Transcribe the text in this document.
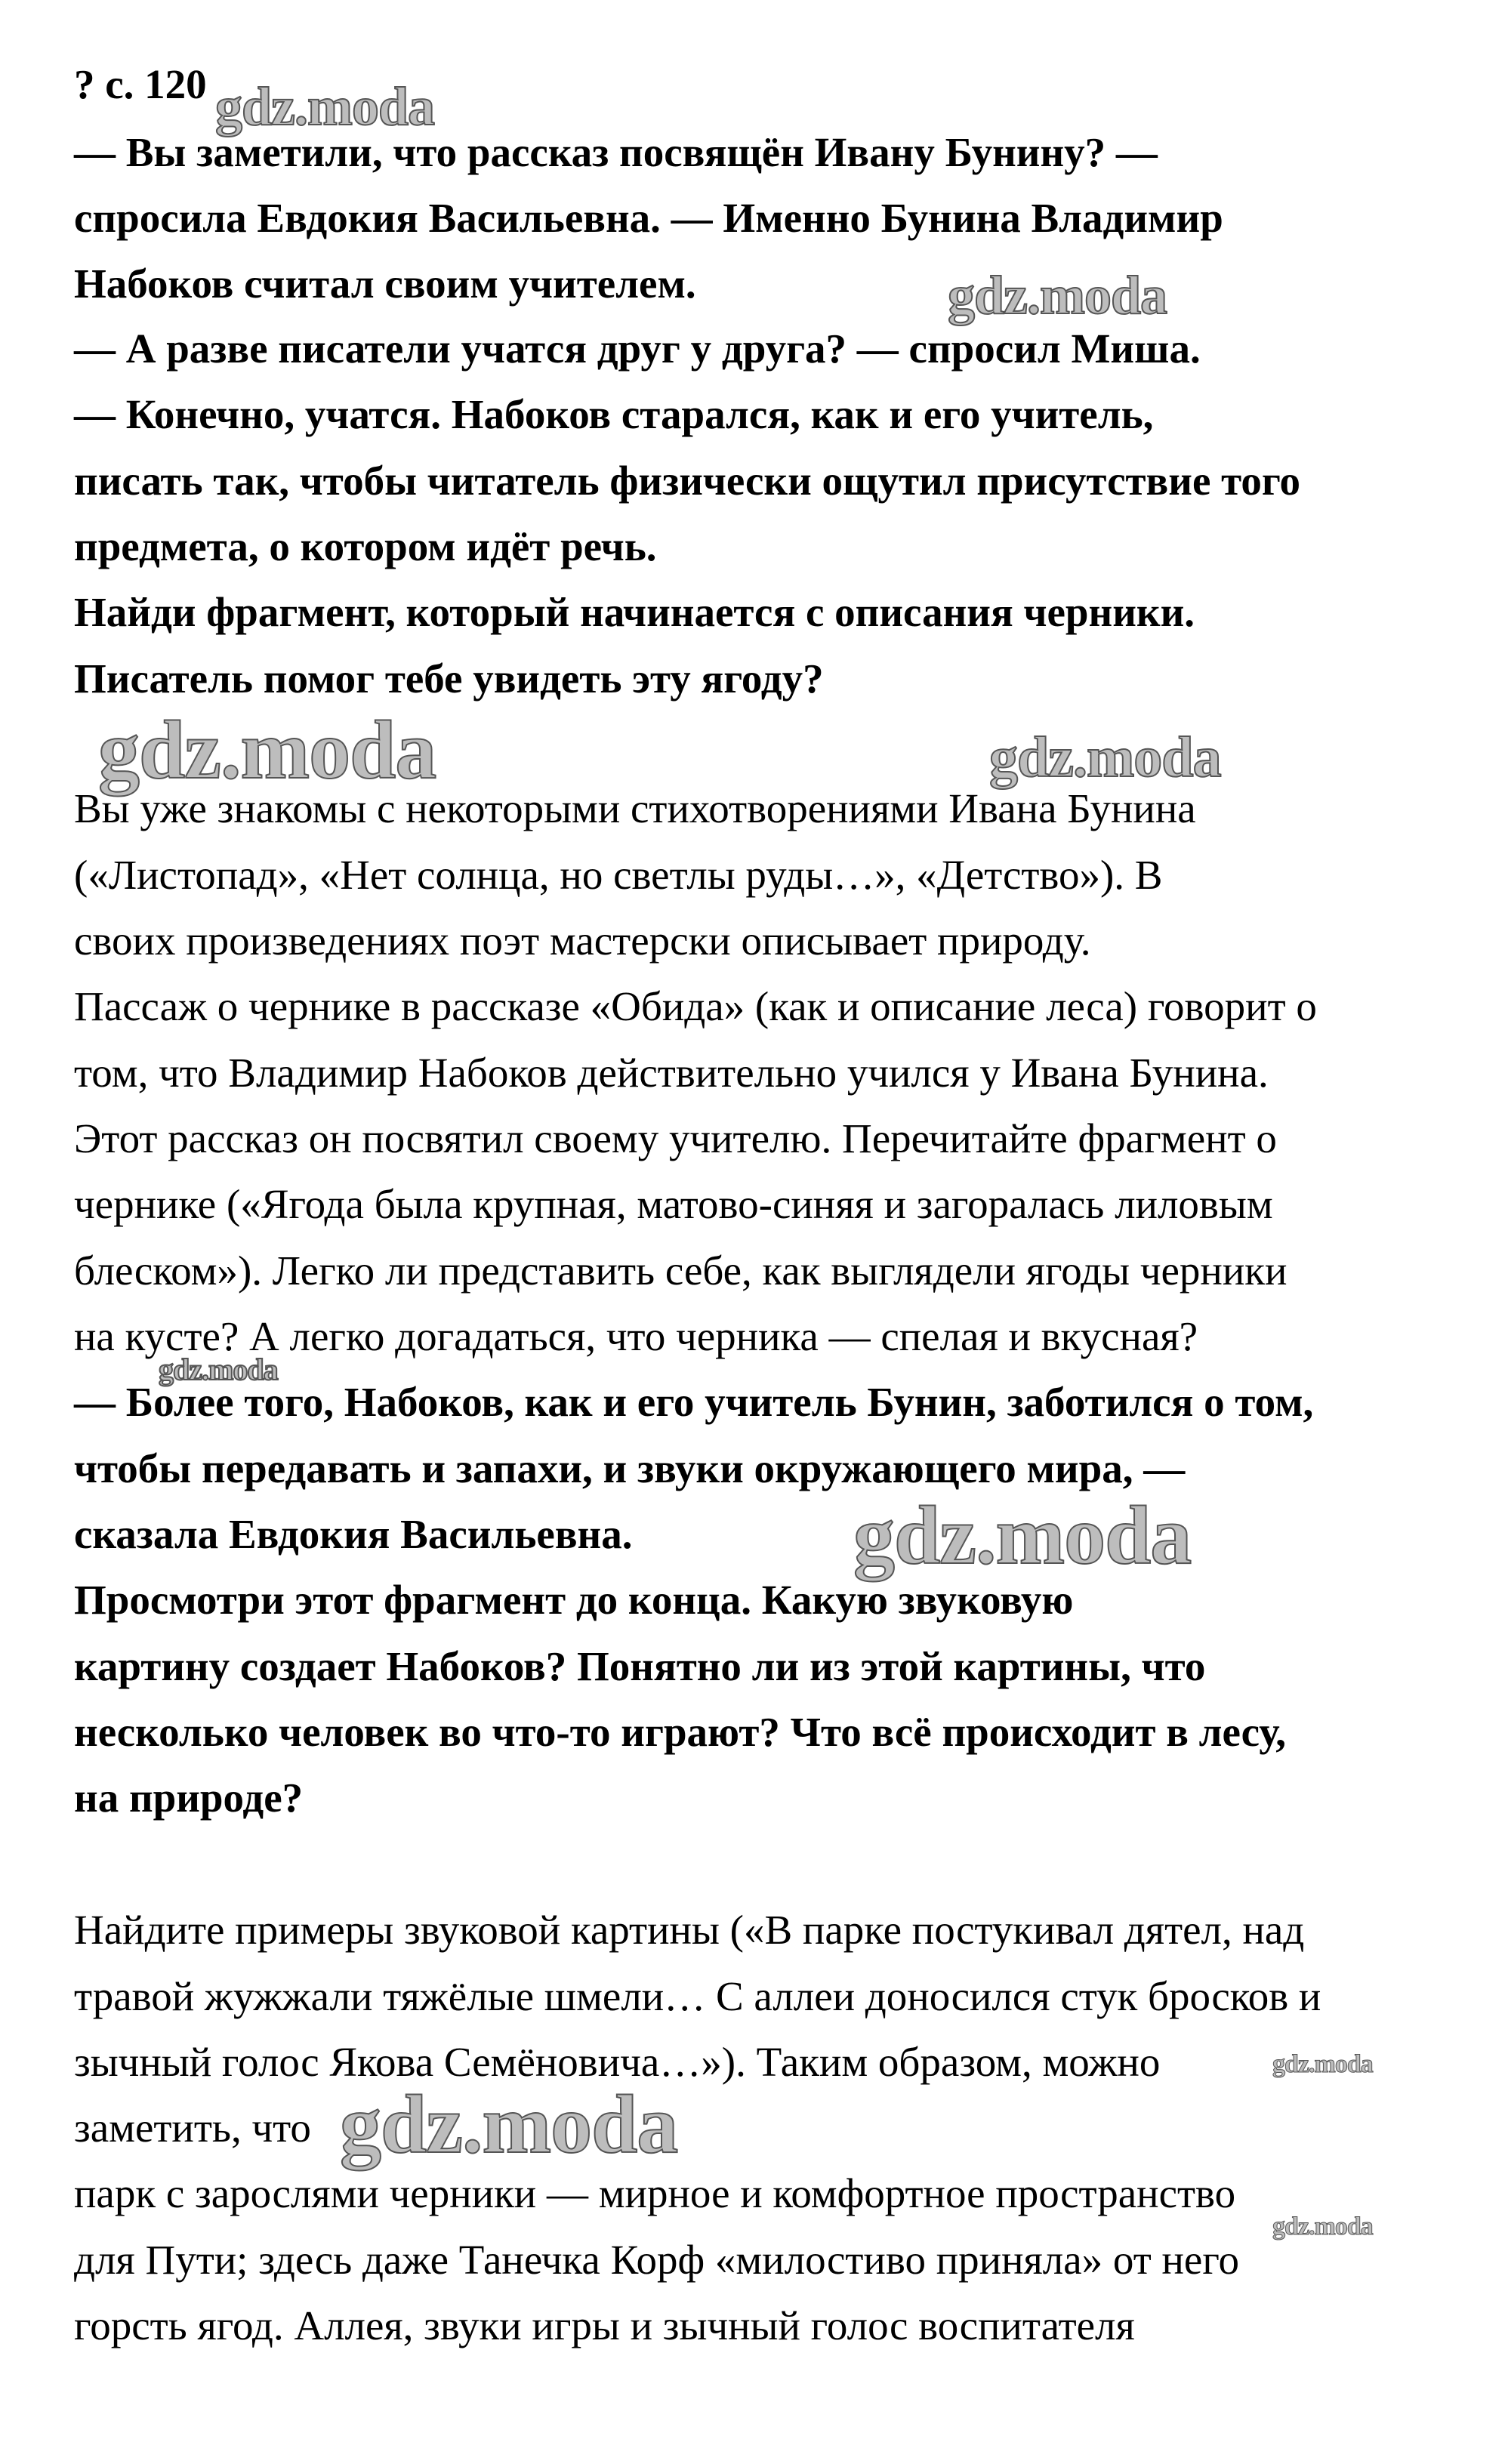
? с. 120
— Вы заметили, что рассказ посвящён Ивану Бунину? —
спросила Евдокия Васильевна. — Именно Бунина Владимир
Набоков считал своим учителем.
— А разве писатели учатся друг у друга? — спросил Миша.
— Конечно, учатся. Набоков старался, как и его учитель,
писать так, чтобы читатель физически ощутил присутствие того
предмета, о котором идёт речь.
Найди фрагмент, который начинается с описания черники.
Писатель помог тебе увидеть эту ягоду?
Вы уже знакомы с некоторыми стихотворениями Ивана Бунина
(«Листопад», «Нет солнца, но светлы руды…», «Детство»). В
своих произведениях поэт мастерски описывает природу.
Пассаж о чернике в рассказе «Обида» (как и описание леса) говорит о
том, что Владимир Набоков действительно учился у Ивана Бунина.
Этот рассказ он посвятил своему учителю. Перечитайте фрагмент о
чернике («Ягода была крупная, матово-синяя и загоралась лиловым
блеском»). Легко ли представить себе, как выглядели ягоды черники
на кусте? А легко догадаться, что черника — спелая и вкусная?
— Более того, Набоков, как и его учитель Бунин, заботился о том,
чтобы передавать и запахи, и звуки окружающего мира, —
сказала Евдокия Васильевна.
Просмотри этот фрагмент до конца. Какую звуковую
картину создает Набоков? Понятно ли из этой картины, что
несколько человек во что-то играют? Что всё происходит в лесу,
на природе?
Найдите примеры звуковой картины («В парке постукивал дятел, над
травой жужжали тяжёлые шмели… С аллеи доносился стук бросков и
зычный голос Якова Семёновича…»). Таким образом, можно
заметить, что
парк с зарослями черники — мирное и комфортное пространство
для Пути; здесь даже Танечка Корф «милостиво приняла» от него
горсть ягод. Аллея, звуки игры и зычный голос воспитателя
gdz.moda
gdz.moda
gdz.moda	gdz.moda
gdz.moda
gdz.moda
gdz.moda
gdz.moda
gdz.moda
